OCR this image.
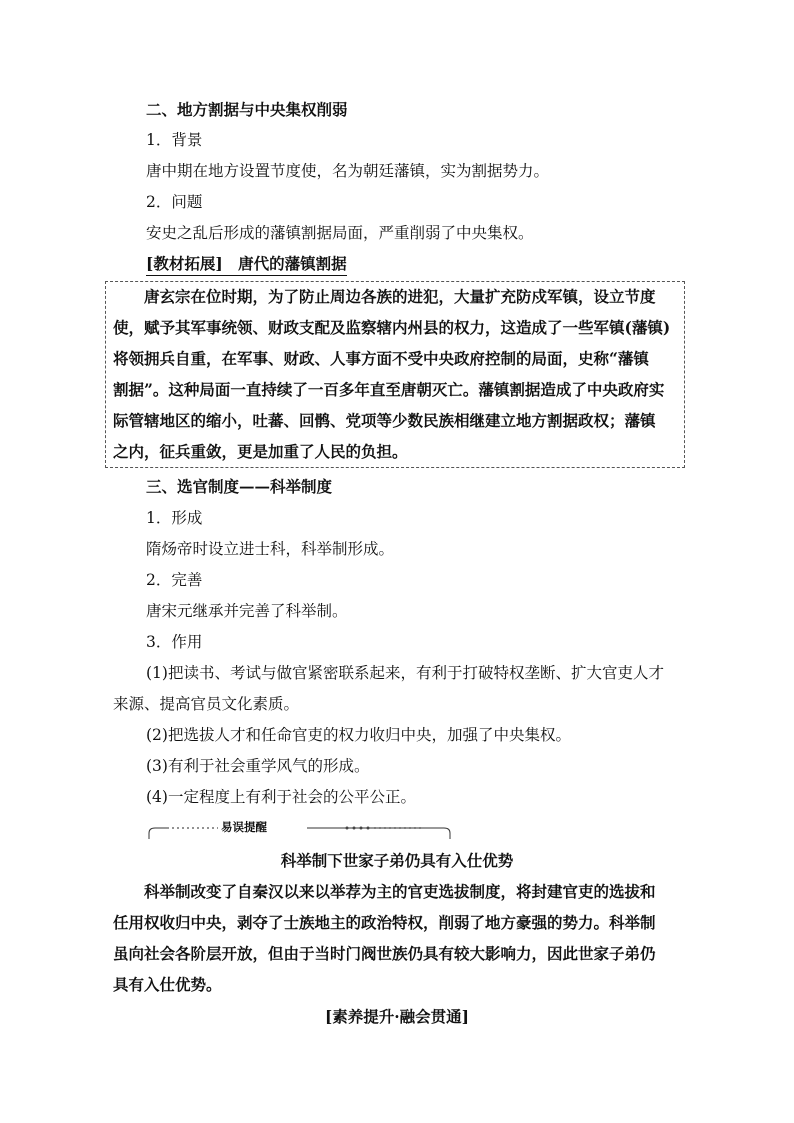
二、地方割据与中央集权削弱
1．背景
唐中期在地方设置节度使，名为朝廷藩镇，实为割据势力。
2．问题
安史之乱后形成的藩镇割据局面，严重削弱了中央集权。
[教材拓展]　唐代的藩镇割据
　　唐玄宗在位时期，为了防止周边各族的进犯，大量扩充防戍军镇，设立节度
使，赋予其军事统领、财政支配及监察辖内州县的权力，这造成了一些军镇(藩镇)
将领拥兵自重，在军事、财政、人事方面不受中央政府控制的局面，史称“藩镇
割据”。这种局面一直持续了一百多年直至唐朝灭亡。藩镇割据造成了中央政府实
际管辖地区的缩小，吐蕃、回鹘、党项等少数民族相继建立地方割据政权；藩镇
之内，征兵重敛，更是加重了人民的负担。
三、选官制度——科举制度
1．形成
隋炀帝时设立进士科，科举制形成。
2．完善
唐宋元继承并完善了科举制。
3．作用
(1)把读书、考试与做官紧密联系起来，有利于打破特权垄断、扩大官吏人才
来源、提高官员文化素质。
(2)把选拔人才和任命官吏的权力收归中央，加强了中央集权。
(3)有利于社会重学风气的形成。
(4)一定程度上有利于社会的公平公正。
易误提醒
科举制下世家子弟仍具有入仕优势
　　科举制改变了自秦汉以来以举荐为主的官吏选拔制度，将封建官吏的选拔和
任用权收归中央，剥夺了士族地主的政治特权，削弱了地方豪强的势力。科举制
虽向社会各阶层开放，但由于当时门阀世族仍具有较大影响力，因此世家子弟仍
具有入仕优势。
[素养提升·融会贯通]
